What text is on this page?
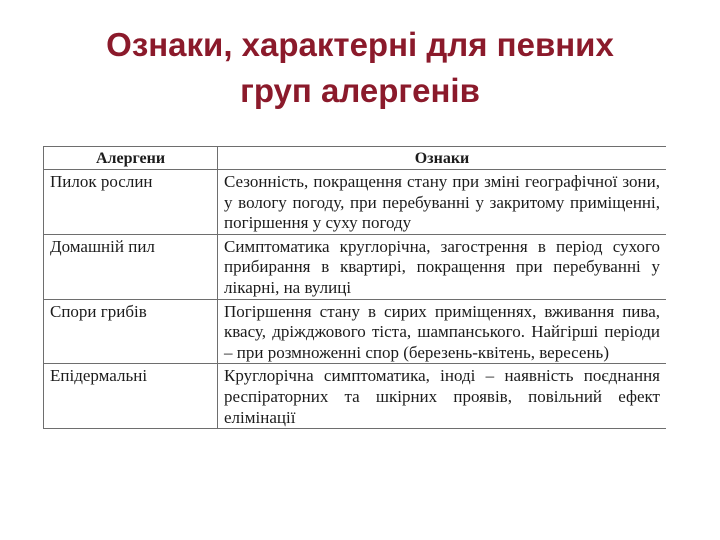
Ознаки, характерні для певних
груп алергенів
Алергени	Ознаки
Пилок рослин	Сезонність, покращення стану при зміні географічної зони, у вологу погоду, при перебуванні у закритому приміщенні, погіршення у суху погоду
Домашній пил	Симптоматика круглорічна, загострення в період сухого прибирання в квартирі, покращення при перебуванні у лікарні, на вулиці
Спори грибів	Погіршення стану в сирих приміщеннях, вживання пива, квасу, дріжджового тіста, шампанського. Найгірші періоди – при розмноженні спор (березень-квітень, вересень)
Епідермальні	Круглорічна симптоматика, іноді – наявність поєднання респіраторних та шкірних проявів, повільний ефект елімінації
